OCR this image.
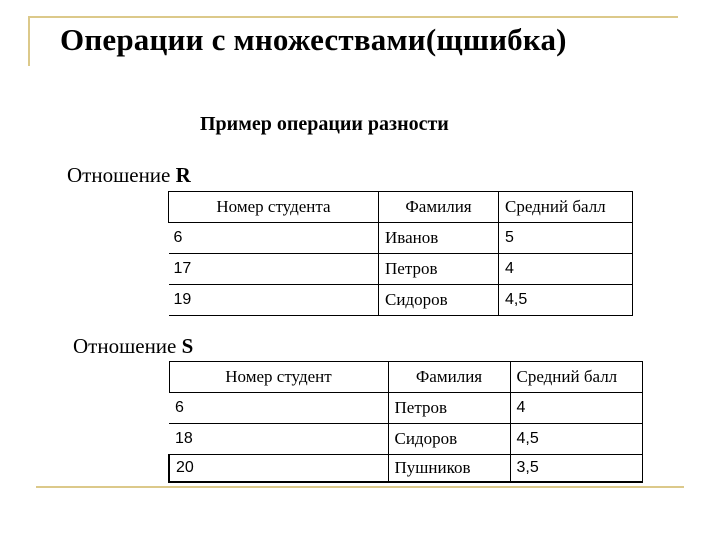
Операции с множествами(щшибка)
Пример операции разности
Отношение R
Номер студента	Фамилия	Средний балл
6	Иванов	5
17	Петров	4
19	Сидоров	4,5
Отношение S
Номер студент	Фамилия	Средний балл
6	Петров	4
18	Сидоров	4,5
20	Пушников	3,5
